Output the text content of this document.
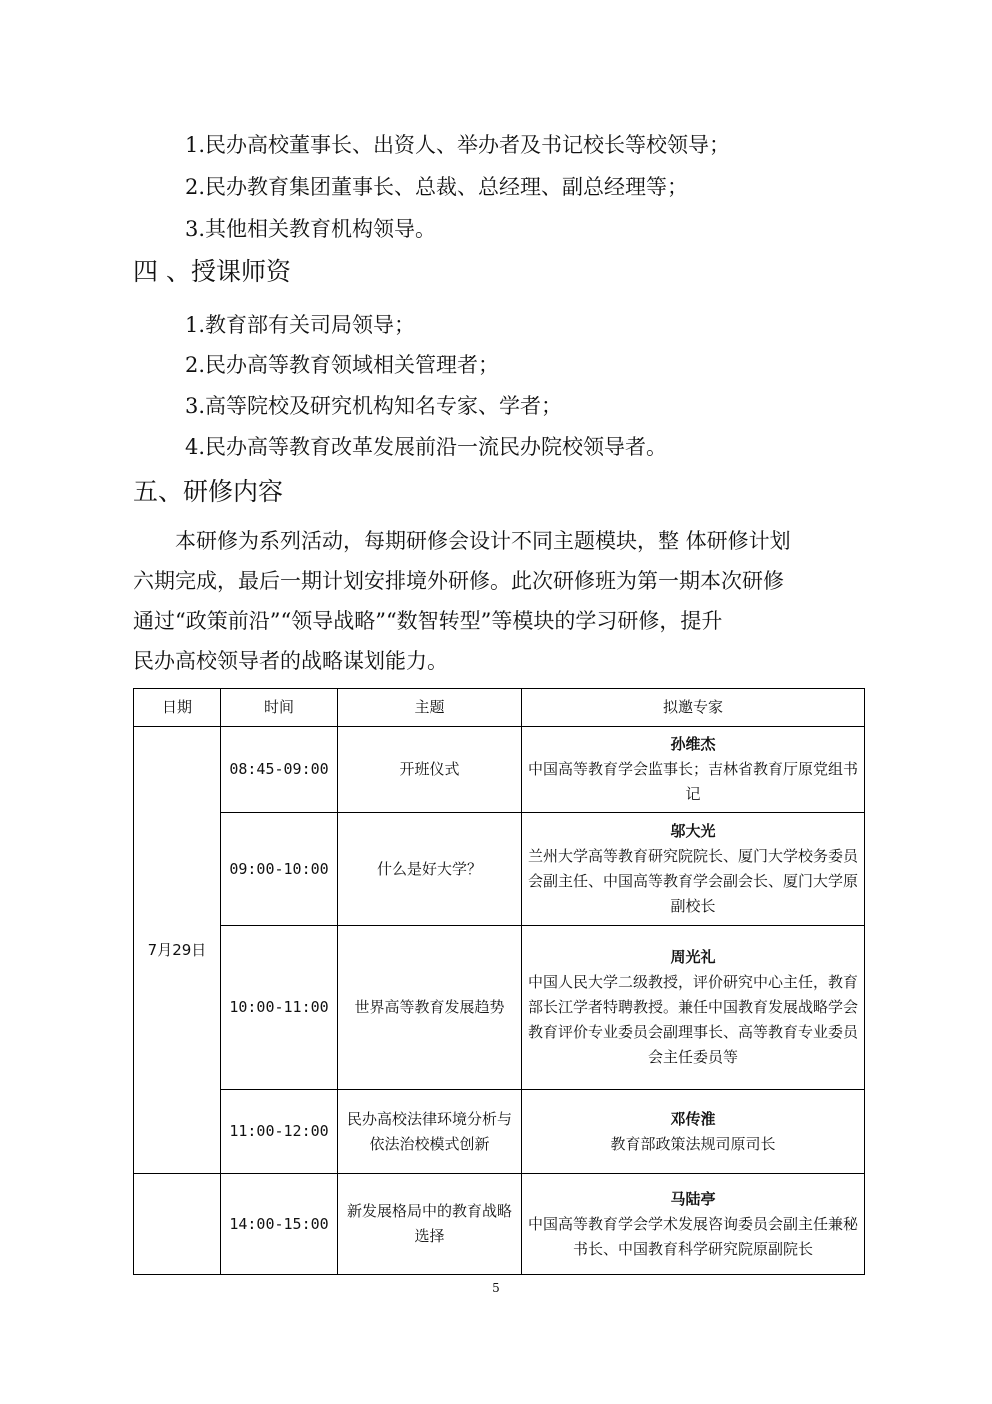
1.民办高校董事长、出资人、举办者及书记校长等校领导；
2.民办教育集团董事长、总裁、总经理、副总经理等；
3.其他相关教育机构领导。
四 、授课师资
1.教育部有关司局领导；
2.民办高等教育领域相关管理者；
3.高等院校及研究机构知名专家、学者；
4.民办高等教育改革发展前沿一流民办院校领导者。
五、研修内容
本研修为系列活动，每期研修会设计不同主题模块，整 体研修计划
六期完成，最后一期计划安排境外研修。此次研修班为第一期本次研修
通过“政策前沿”“领导战略”“数智转型”等模块的学习研修，提升
民办高校领导者的战略谋划能力。
日期	时间	主题	拟邀专家
7月29日	08:45-09:00	开班仪式	孙维杰
中国高等教育学会监事长；吉林省教育厅原党组书记

	09:00-10:00	什么是好大学？	邬大光
兰州大学高等教育研究院院长、厦门大学校务委员会副主任、中国高等教育学会副会长、厦门大学原副校长

	10:00-11:00	世界高等教育发展趋势	周光礼
中国人民大学二级教授，评价研究中心主任，教育部长江学者特聘教授。兼任中国教育发展战略学会教育评价专业委员会副理事长、高等教育专业委员会主任委员等

	11:00-12:00	民办高校法律环境分析与依法治校模式创新	邓传淮
教育部政策法规司原司长

	14:00-15:00	新发展格局中的教育战略选择	马陆亭
中国高等教育学会学术发展咨询委员会副主任兼秘书长、中国教育科学研究院原副院长
5
